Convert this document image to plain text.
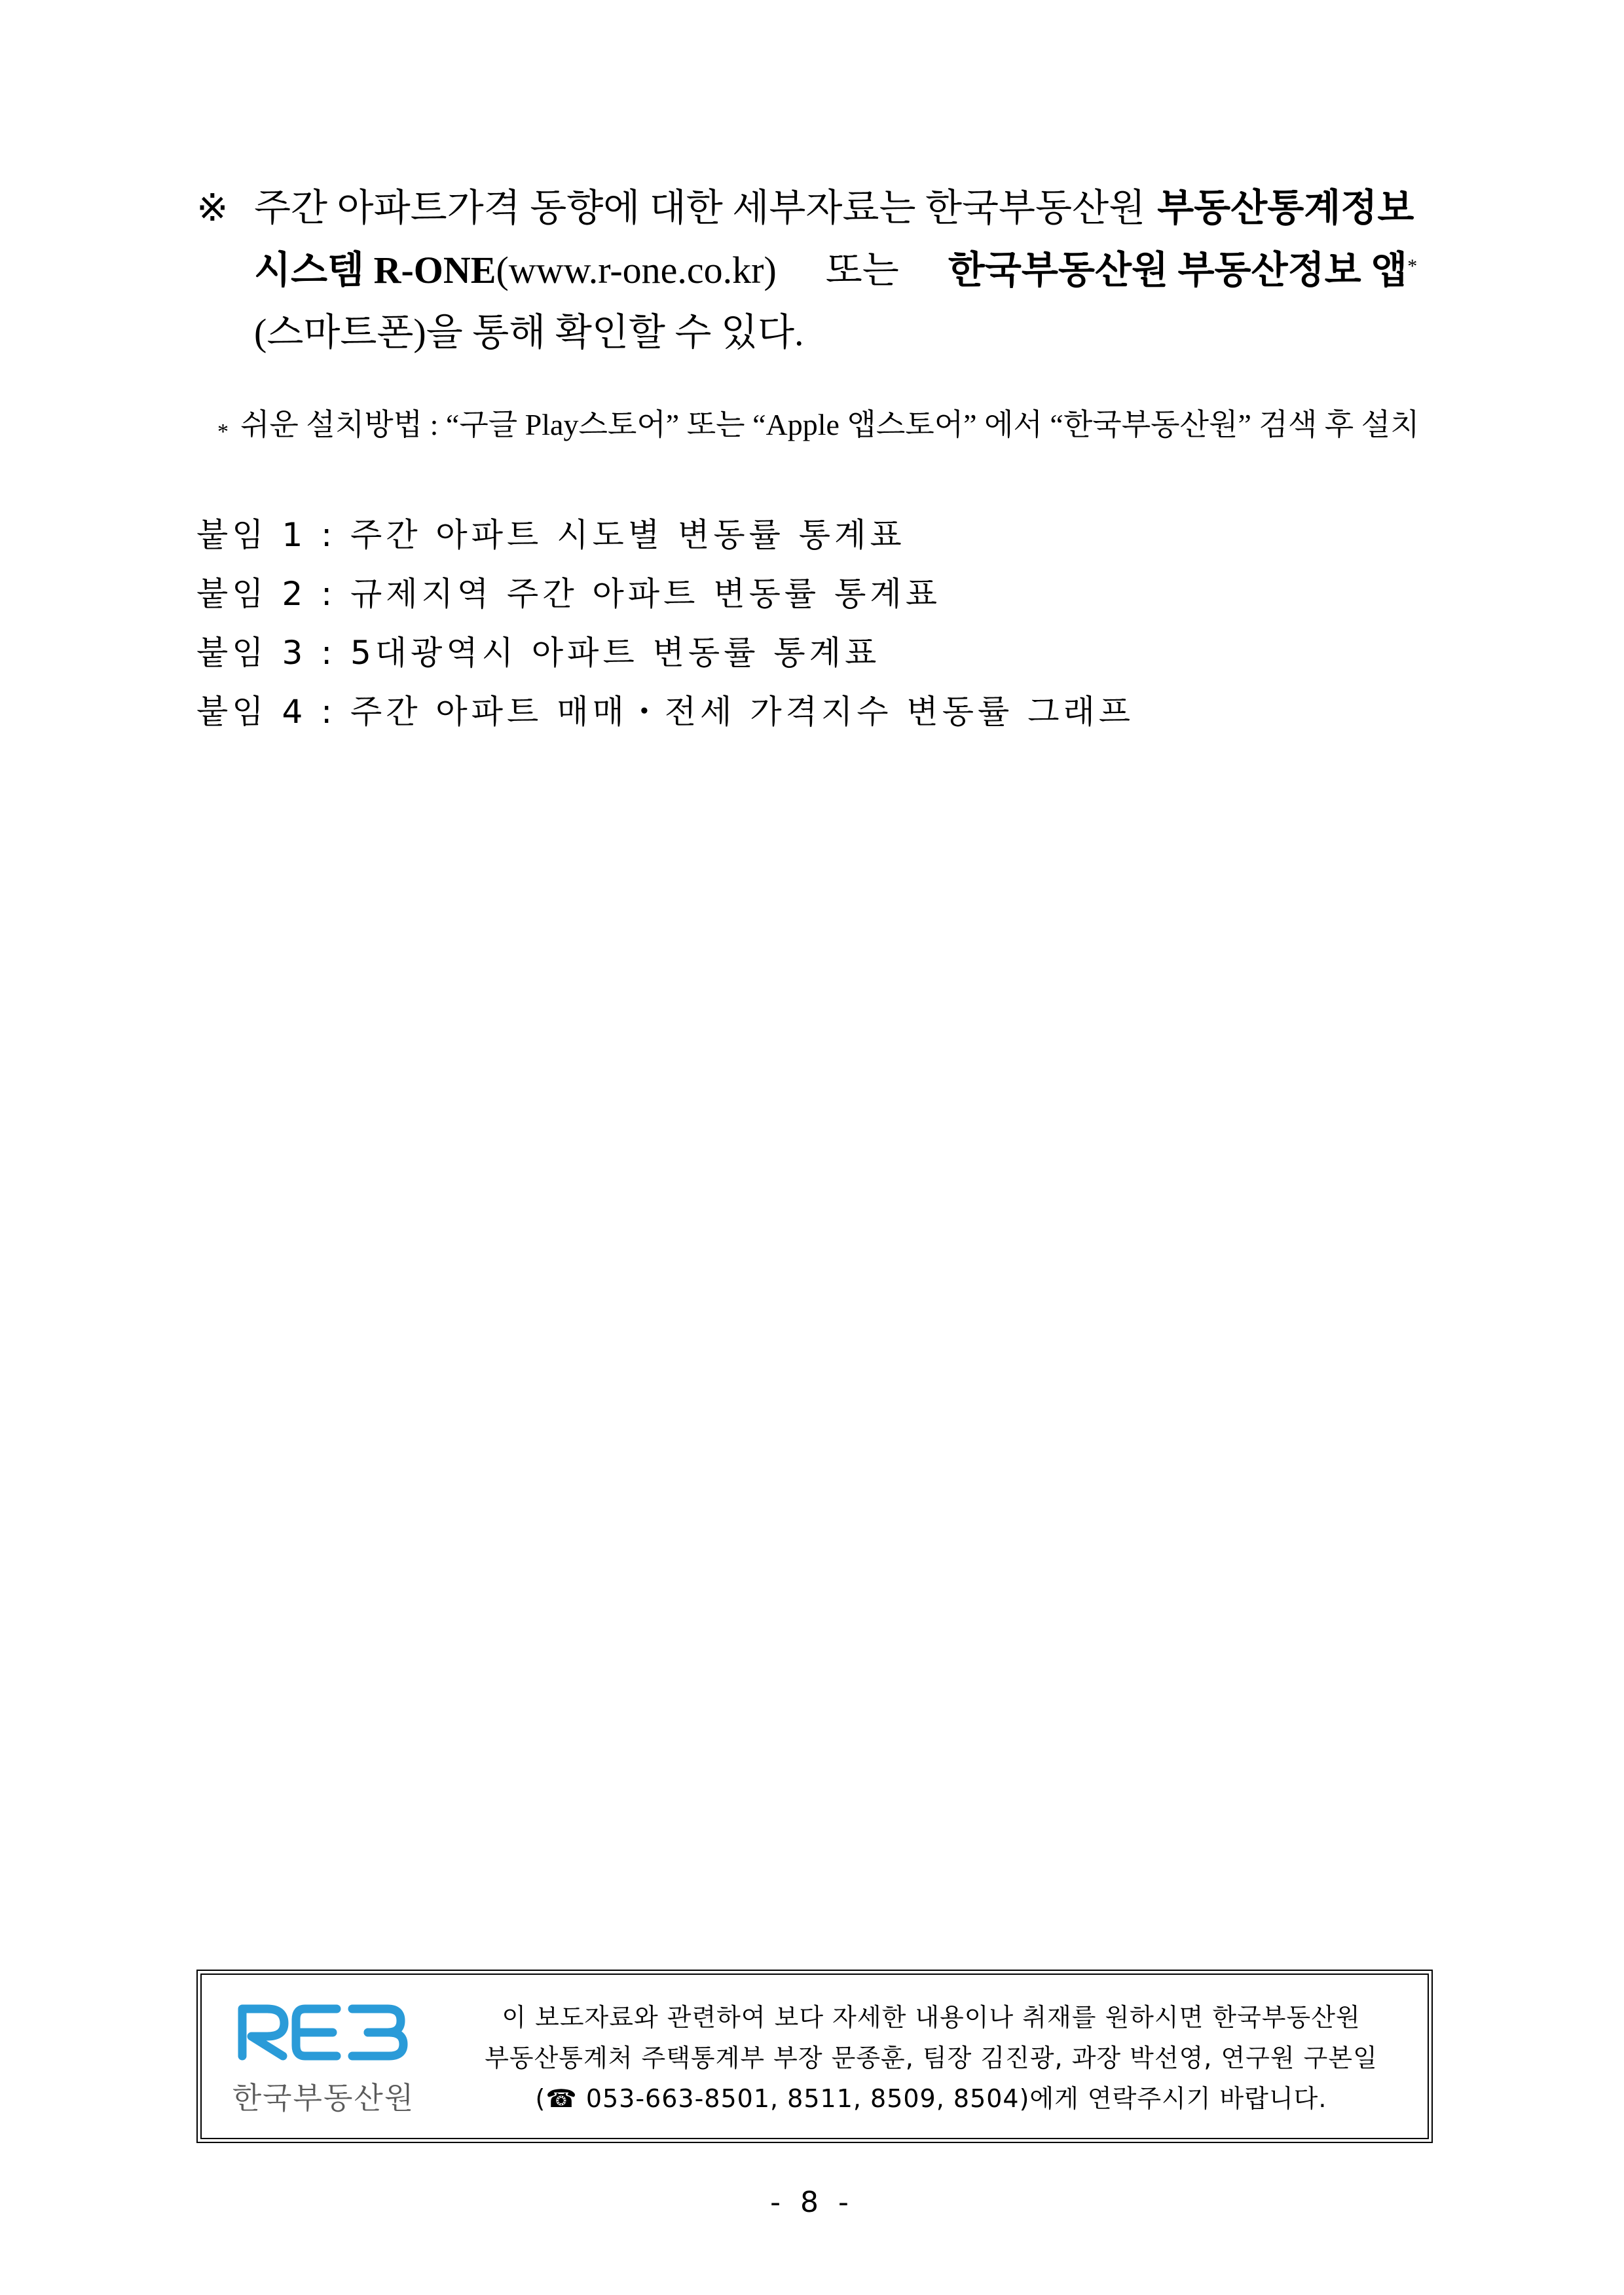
※ 주간 아파트가격 동향에 대한 세부자료는 한국부동산원 부동산통계정보
시스템 R-ONE(www.r-one.co.kr) 또는 한국부동산원 부동산정보 앱*
(스마트폰)을 통해 확인할 수 있다.
* 쉬운 설치방법 : “구글 Play스토어” 또는 “Apple 앱스토어” 에서 “한국부동산원” 검색 후 설치
붙임 1 : 주간 아파트 시도별 변동률 통계표
붙임 2 : 규제지역 주간 아파트 변동률 통계표
붙임 3 : 5대광역시 아파트 변동률 통계표
붙임 4 : 주간 아파트 매매・전세 가격지수 변동률 그래프
한국부동산원
이 보도자료와 관련하여 보다 자세한 내용이나 취재를 원하시면 한국부동산원
부동산통계처 주택통계부 부장 문종훈, 팀장 김진광, 과장 박선영, 연구원 구본일
(☎ 053-663-8501, 8511, 8509, 8504)에게 연락주시기 바랍니다.
- 8 -
